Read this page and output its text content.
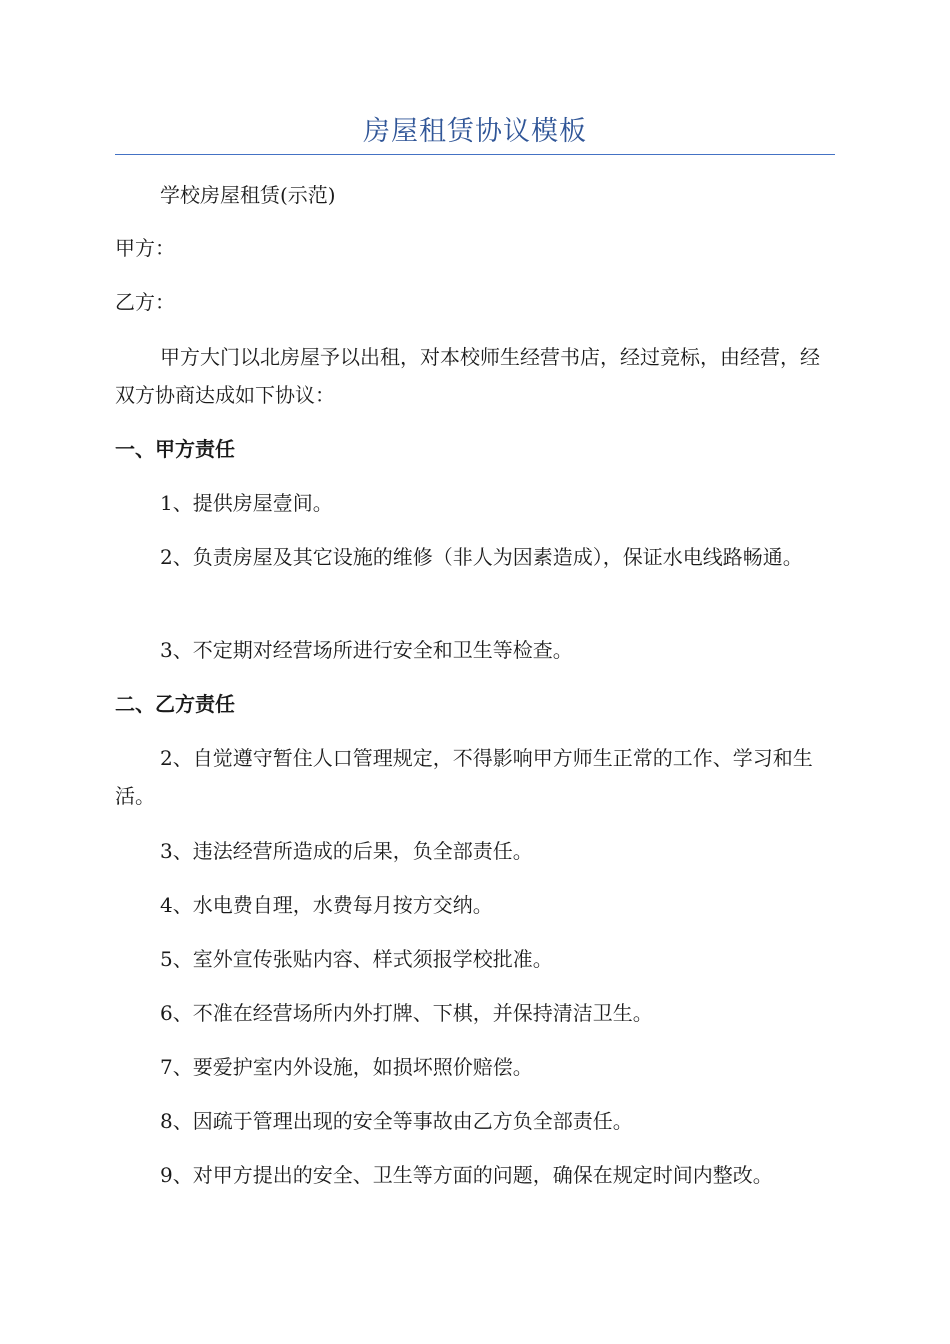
房屋租赁协议模板

学校房屋租赁(示范)

甲方：

乙方：

甲方大门以北房屋予以出租，对本校师生经营书店，经过竞标，由经营，经双方协商达成如下协议：

一、甲方责任

1、提供房屋壹间。

2、负责房屋及其它设施的维修（非人为因素造成），保证水电线路畅通。

3、不定期对经营场所进行安全和卫生等检查。

二、乙方责任

2、自觉遵守暂住人口管理规定，不得影响甲方师生正常的工作、学习和生活。

3、违法经营所造成的后果，负全部责任。

4、水电费自理，水费每月按方交纳。

5、室外宣传张贴内容、样式须报学校批准。

6、不准在经营场所内外打牌、下棋，并保持清洁卫生。

7、要爱护室内外设施，如损坏照价赔偿。

8、因疏于管理出现的安全等事故由乙方负全部责任。

9、对甲方提出的安全、卫生等方面的问题，确保在规定时间内整改。
